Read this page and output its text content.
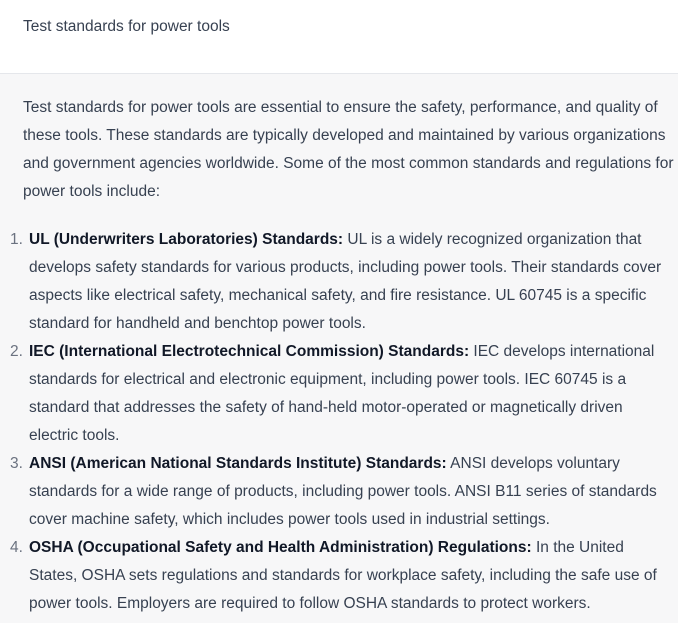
Test standards for power tools

Test standards for power tools are essential to ensure the safety, performance, and quality of these tools. These standards are typically developed and maintained by various organizations and government agencies worldwide. Some of the most common standards and regulations for power tools include:

1. UL (Underwriters Laboratories) Standards: UL is a widely recognized organization that develops safety standards for various products, including power tools. Their standards cover aspects like electrical safety, mechanical safety, and fire resistance. UL 60745 is a specific standard for handheld and benchtop power tools.
2. IEC (International Electrotechnical Commission) Standards: IEC develops international standards for electrical and electronic equipment, including power tools. IEC 60745 is a standard that addresses the safety of hand-held motor-operated or magnetically driven electric tools.
3. ANSI (American National Standards Institute) Standards: ANSI develops voluntary standards for a wide range of products, including power tools. ANSI B11 series of standards cover machine safety, which includes power tools used in industrial settings.
4. OSHA (Occupational Safety and Health Administration) Regulations: In the United States, OSHA sets regulations and standards for workplace safety, including the safe use of power tools. Employers are required to follow OSHA standards to protect workers.
